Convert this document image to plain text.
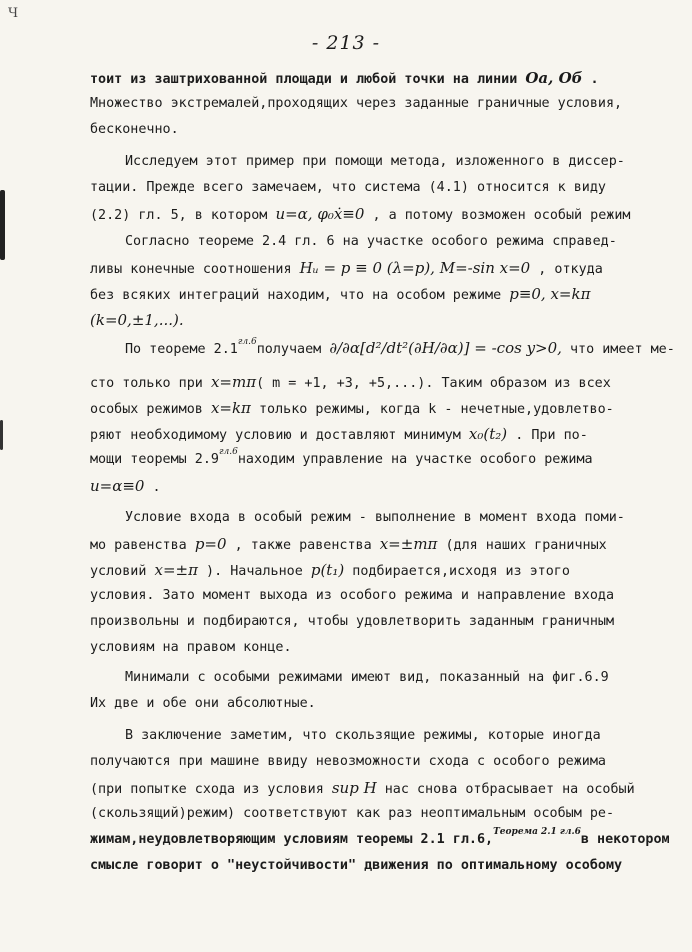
Ч
- 213 -
тоит из заштрихованной площади и любой точки на линии Оа, Об .
Множество экстремалей,проходящих через заданные граничные условия,
бесконечно.
Исследуем этот пример при помощи метода, изложенного в диссер-
тации. Прежде всего замечаем, что система (4.1) относится к виду
(2.2) гл. 5, в котором u=α, φ₀ẋ≡0 , а потому возможен особый режим
Согласно теореме 2.4 гл. 6 на участке особого режима справед-
ливы конечные соотношения Hᵤ = p ≡ 0 (λ=p), M=-sin x=0 , откуда
без всяких интеграций находим, что на особом режиме p≡0, x=kπ
(k=0,±1,...).
По теореме 2.1$^{гл.6}$получаем ∂/∂α[d²/dt²(∂H/∂α)] = -cos y>0, что имеет ме-
сто только при x=mπ( m = +1, +3, +5,...). Таким образом из всех
особых режимов x=kπ только режимы, когда k - нечетные,удовлетво-
ряют необходимому условию и доставляют минимум x₀(t₂) . При по-
мощи теоремы 2.9$^{гл.6}$находим управление на участке особого режима
u=α≡0 .
Условие входа в особый режим - выполнение в момент входа поми-
мо равенства p=0 , также равенства x=±mπ (для наших граничных
условий x=±π ). Начальное p(t₁) подбирается,исходя из этого
условия. Зато момент выхода из особого режима и направление входа
произвольны и подбираются, чтобы удовлетворить заданным граничным
условиям на правом конце.
Минимали с особыми режимами имеют вид, показанный на фиг.6.9
Их две и обе они абсолютные.
В заключение заметим, что скользящие режимы, которые иногда
получаются при машине ввиду невозможности схода с особого режима
(при попытке схода из условия sup H нас снова отбрасывает на особый
(скользящий)режим) соответствуют как раз неоптимальным особым ре-
жимам,неудовлетворяющим условиям теоремы 2.1 гл.6,$^{Теорема 2.1 гл.6}$в некотором
смысле говорит о "неустойчивости" движения по оптимальному особому
